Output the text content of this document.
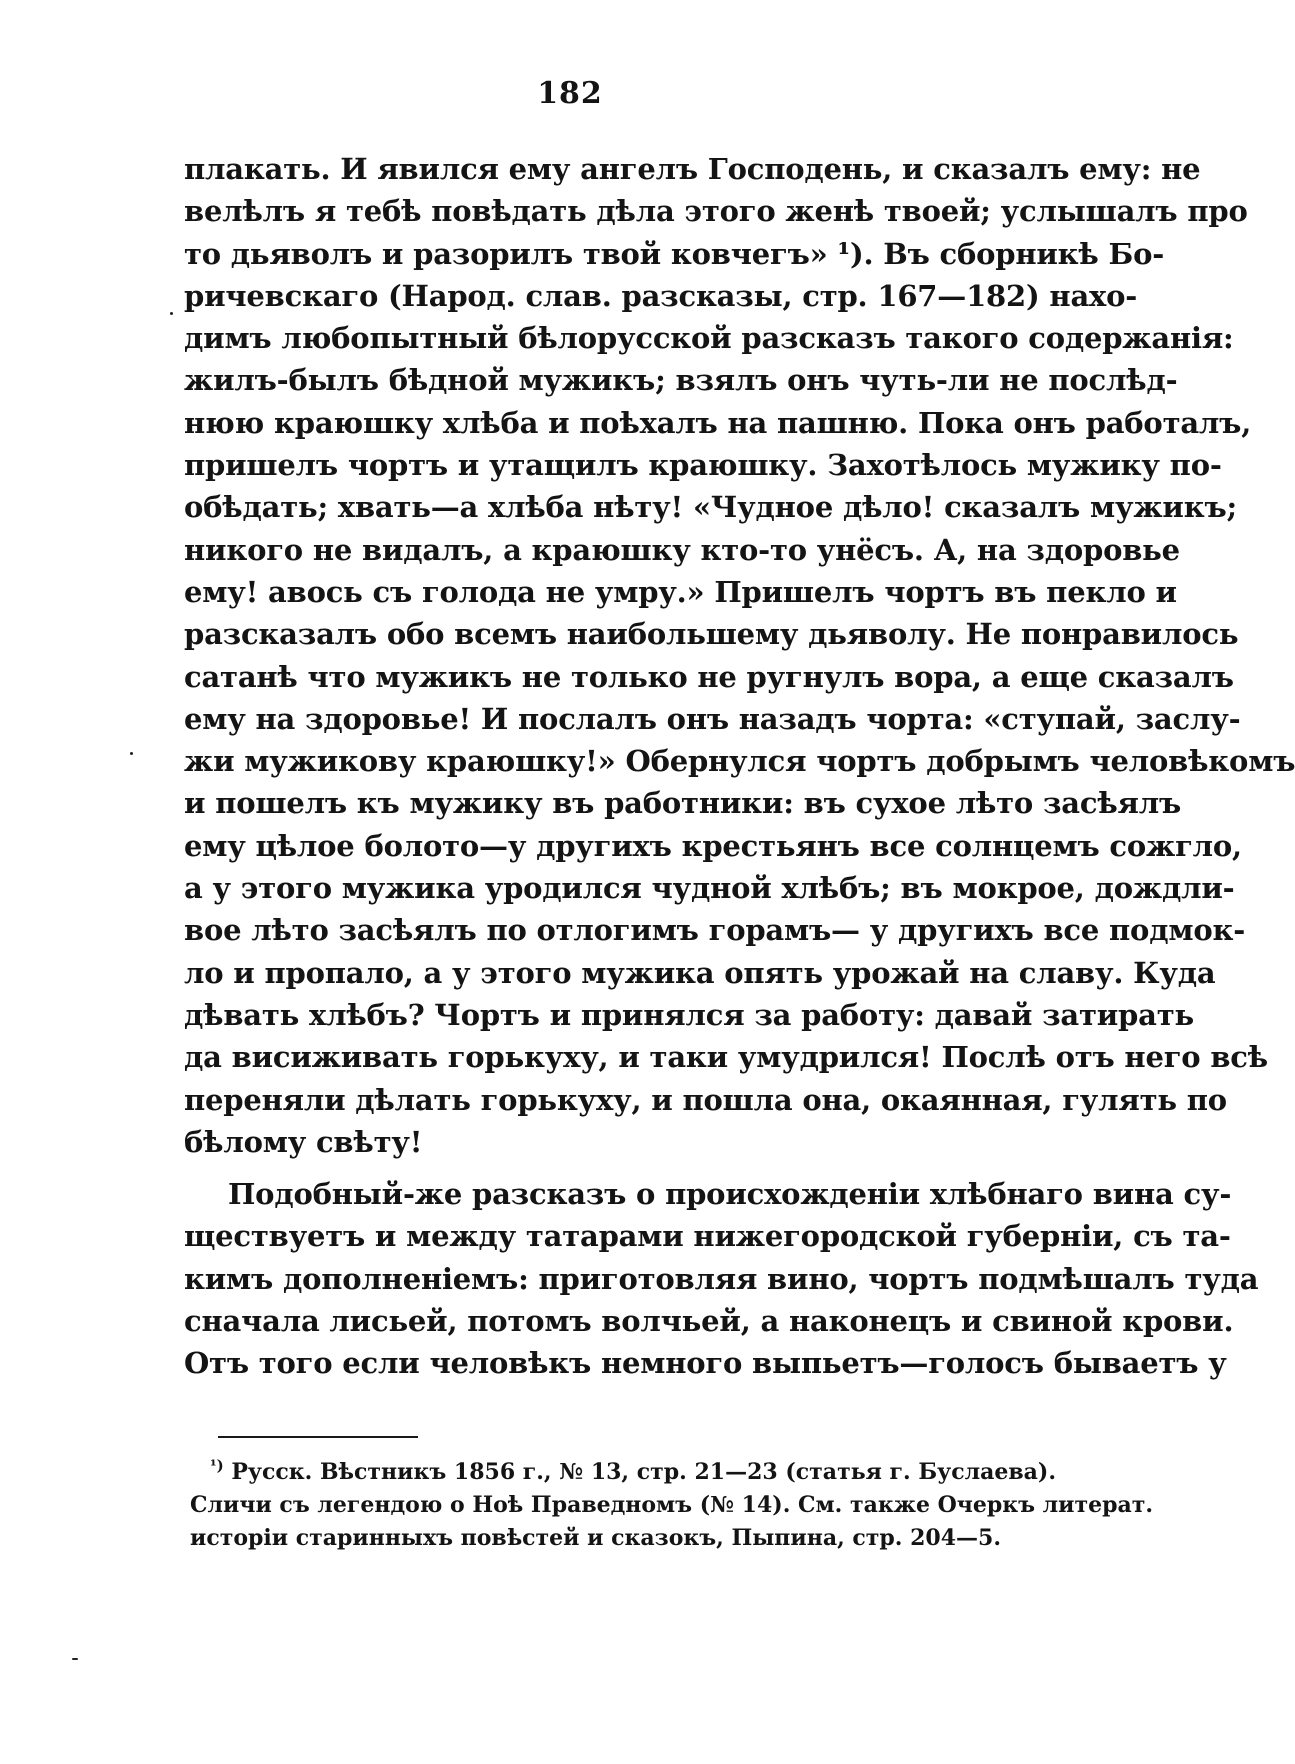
182
плакать. И явился ему ангелъ Господень, и сказалъ ему: не
велѣлъ я тебѣ повѣдать дѣла этого женѣ твоей; услышалъ про
то дьяволъ и разорилъ твой ковчегъ» ¹). Въ сборникѣ Бо-
ричевскаго (Народ. слав. разсказы, стр. 167—182) нахо-
димъ любопытный бѣлорусской разсказъ такого содержанія:
жилъ-былъ бѣдной мужикъ; взялъ онъ чуть-ли не послѣд-
нюю краюшку хлѣба и поѣхалъ на пашню. Пока онъ работалъ,
пришелъ чортъ и утащилъ краюшку. Захотѣлось мужику по-
обѣдать; хвать—а хлѣба нѣту! «Чудное дѣло! сказалъ мужикъ;
никого не видалъ, а краюшку кто-то унёсъ. А, на здоровье
ему! авось съ голода не умру.» Пришелъ чортъ въ пекло и
разсказалъ обо всемъ наибольшему дьяволу. Не понравилось
сатанѣ что мужикъ не только не ругнулъ вора, а еще сказалъ
ему на здоровье! И послалъ онъ назадъ чорта: «ступай, заслу-
жи мужикову краюшку!» Обернулся чортъ добрымъ человѣкомъ
и пошелъ къ мужику въ работники: въ сухое лѣто засѣялъ
ему цѣлое болото—у другихъ крестьянъ все солнцемъ сожгло,
а у этого мужика уродился чудной хлѣбъ; въ мокрое, дождли-
вое лѣто засѣялъ по отлогимъ горамъ— у другихъ все подмок-
ло и пропало, а у этого мужика опять урожай на славу. Куда
дѣвать хлѣбъ? Чортъ и принялся за работу: давай затирать
да висиживать горькуху, и таки умудрился! Послѣ отъ него всѣ
переняли дѣлать горькуху, и пошла она, окаянная, гулять по
бѣлому свѣту!
Подобный-же разсказъ о происхожденіи хлѣбнаго вина су-
ществуетъ и между татарами нижегородской губерніи, съ та-
кимъ дополненіемъ: приготовляя вино, чортъ подмѣшалъ туда
сначала лисьей, потомъ волчьей, а наконецъ и свиной крови.
Отъ того если человѣкъ немного выпьетъ—голосъ бываетъ у
$^{^1)}$ Русск. Вѣстникъ 1856 г., № 13, стр. 21—23 (статья г. Буслаева).
Сличи съ легендою о Ноѣ Праведномъ (№ 14). См. также Очеркъ литерат.
исторіи старинныхъ повѣстей и сказокъ, Пыпина, стр. 204—5.
